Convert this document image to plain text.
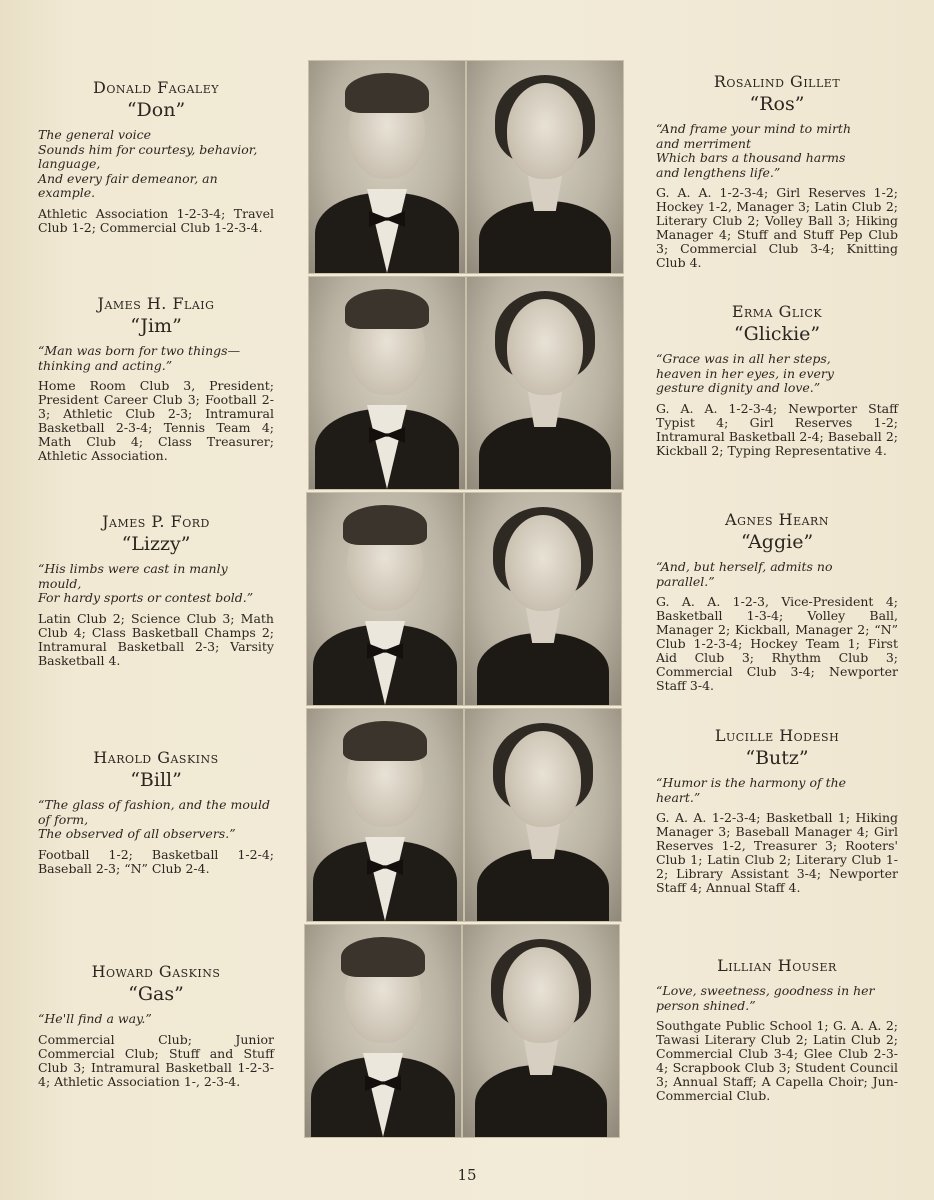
Donald Fagaley

“Don”

The general voice
Sounds him for courtesy, behavior, language,
And every fair demeanor, an example.

Athletic Association 1-2-3-4; Travel Club 1-2; Commercial Club 1-2-3-4.

James H. Flaig

“Jim”

“Man was born for two things—
thinking and acting.”

Home Room Club 3, President; President Career Club 3; Football 2-3; Athletic Club 2-3; Intramural Basketball 2-3-4; Tennis Team 4; Math Club 4; Class Treasurer; Athletic Association.

James P. Ford

“Lizzy”

“His limbs were cast in manly mould,
For hardy sports or contest bold.”

Latin Club 2; Science Club 3; Math Club 4; Class Basketball Champs 2; Intramural Basketball 2-3; Varsity Basketball 4.

Harold Gaskins

“Bill”

“The glass of fashion, and the mould of form,
The observed of all observers.”

Football 1-2; Basketball 1-2-4; Baseball 2-3; “N” Club 2-4.

Howard Gaskins

“Gas”

“He'll find a way.”

Commercial Club; Junior Commercial Club; Stuff and Stuff Club 3; Intramural Basketball 1-2-3-4; Athletic Association 1-, 2-3-4.

Rosalind Gillet

“Ros”

“And frame your mind to mirth
and merriment
Which bars a thousand harms
and lengthens life.”

G. A. A. 1-2-3-4; Girl Reserves 1-2; Hockey 1-2, Manager 3; Latin Club 2; Literary Club 2; Volley Ball 3; Hiking Manager 4; Stuff and Stuff Pep Club 3; Commercial Club 3-4; Knitting Club 4.

Erma Glick

“Glickie”

“Grace was in all her steps,
heaven in her eyes, in every
gesture dignity and love.”

G. A. A. 1-2-3-4; Newporter Staff Typist 4; Girl Reserves 1-2; Intramural Basketball 2-4; Baseball 2; Kickball 2; Typing Representative 4.

Agnes Hearn

“Aggie”

“And, but herself, admits no
parallel.”

G. A. A. 1-2-3, Vice-President 4; Basketball 1-3-4; Volley Ball, Manager 2; Kickball, Manager 2; “N” Club 1-2-3-4; Hockey Team 1; First Aid Club 3; Rhythm Club 3; Commercial Club 3-4; Newporter Staff 3-4.

Lucille Hodesh

“Butz”

“Humor is the harmony of the
heart.”

G. A. A. 1-2-3-4; Basketball 1; Hiking Manager 3; Baseball Manager 4; Girl Reserves 1-2, Treasurer 3; Rooters' Club 1; Latin Club 2; Literary Club 1-2; Library Assistant 3-4; Newporter Staff 4; Annual Staff 4.

Lillian Houser

“Love, sweetness, goodness in her
person shined.”

Southgate Public School 1; G. A. A. 2; Tawasi Literary Club 2; Latin Club 2; Commercial Club 3-4; Glee Club 2-3-4; Scrapbook Club 3; Student Council 3; Annual Staff; A Capella Choir; Jun-Commercial Club.

15
